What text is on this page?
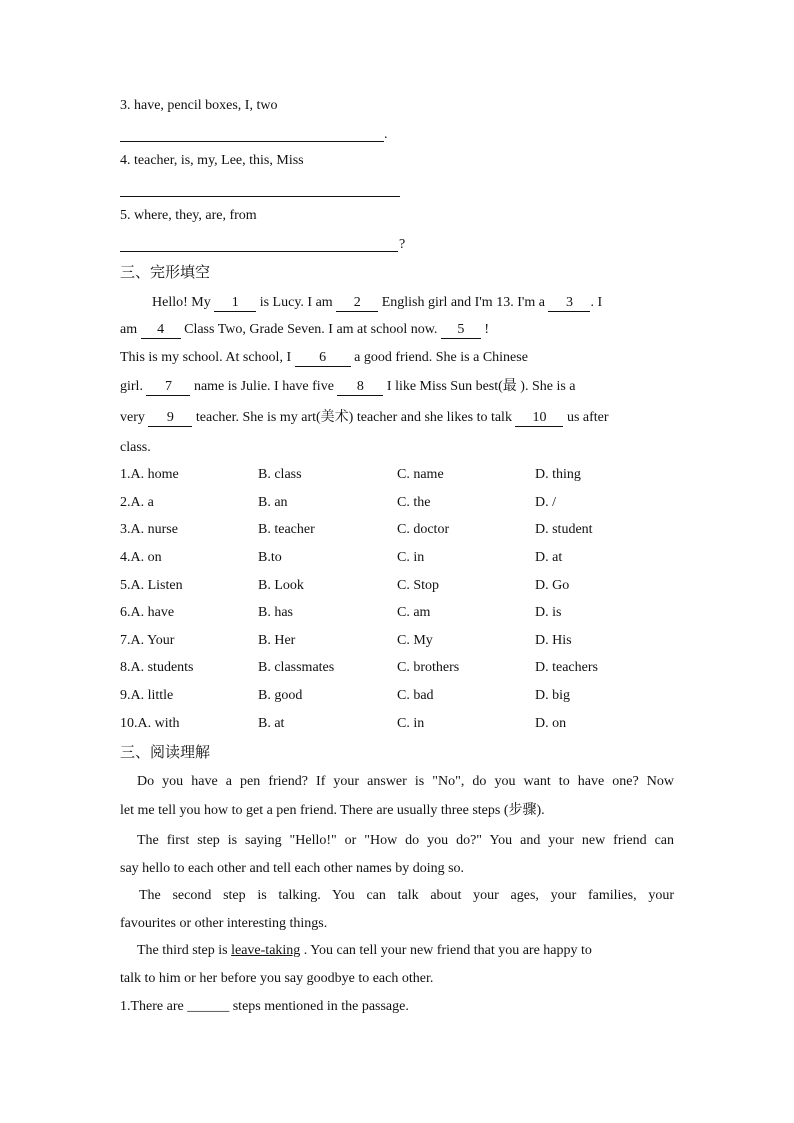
3. have, pencil boxes, I, two
.
4. teacher, is, my, Lee, this, Miss
5. where, they, are, from
?
三、完形填空
Hello! My 1 is Lucy. I am 2 English girl and I'm 13. I'm a 3 . I
am 4 Class Two, Grade Seven. I am at school now. 5 !
This is my school. At school, I 6 a good friend. She is a Chinese
girl. 7 name is Julie. I have five 8 I like Miss Sun best(最 ). She is a
very 9 teacher. She is my art(美术) teacher and she likes to talk 10 us after
class.
1.A. home	B. class	C. name	D. thing
2.A. a	B. an	C. the	D. /
3.A. nurse	B. teacher	C. doctor	D. student
4.A. on	B.to	C. in	D. at
5.A. Listen	B. Look	C. Stop	D. Go
6.A. have	B. has	C. am	D. is
7.A. Your	B. Her	C. My	D. His
8.A. students	B. classmates	C. brothers	D. teachers
9.A. little	B. good	C. bad	D. big
10.A. with	B. at	C. in	D. on
三、阅读理解
Do you have a pen friend? If your answer is "No", do you want to have one? Now
let me tell you how to get a pen friend. There are usually three steps (步骤).
The first step is saying "Hello!" or "How do you do?" You and your new friend can
say hello to each other and tell each other names by doing so.
The second step is talking. You can talk about your ages, your families, your
favourites or other interesting things.
The third step is leave-taking . You can tell your new friend that you are happy to
talk to him or her before you say goodbye to each other.
1.There are ______ steps mentioned in the passage.
